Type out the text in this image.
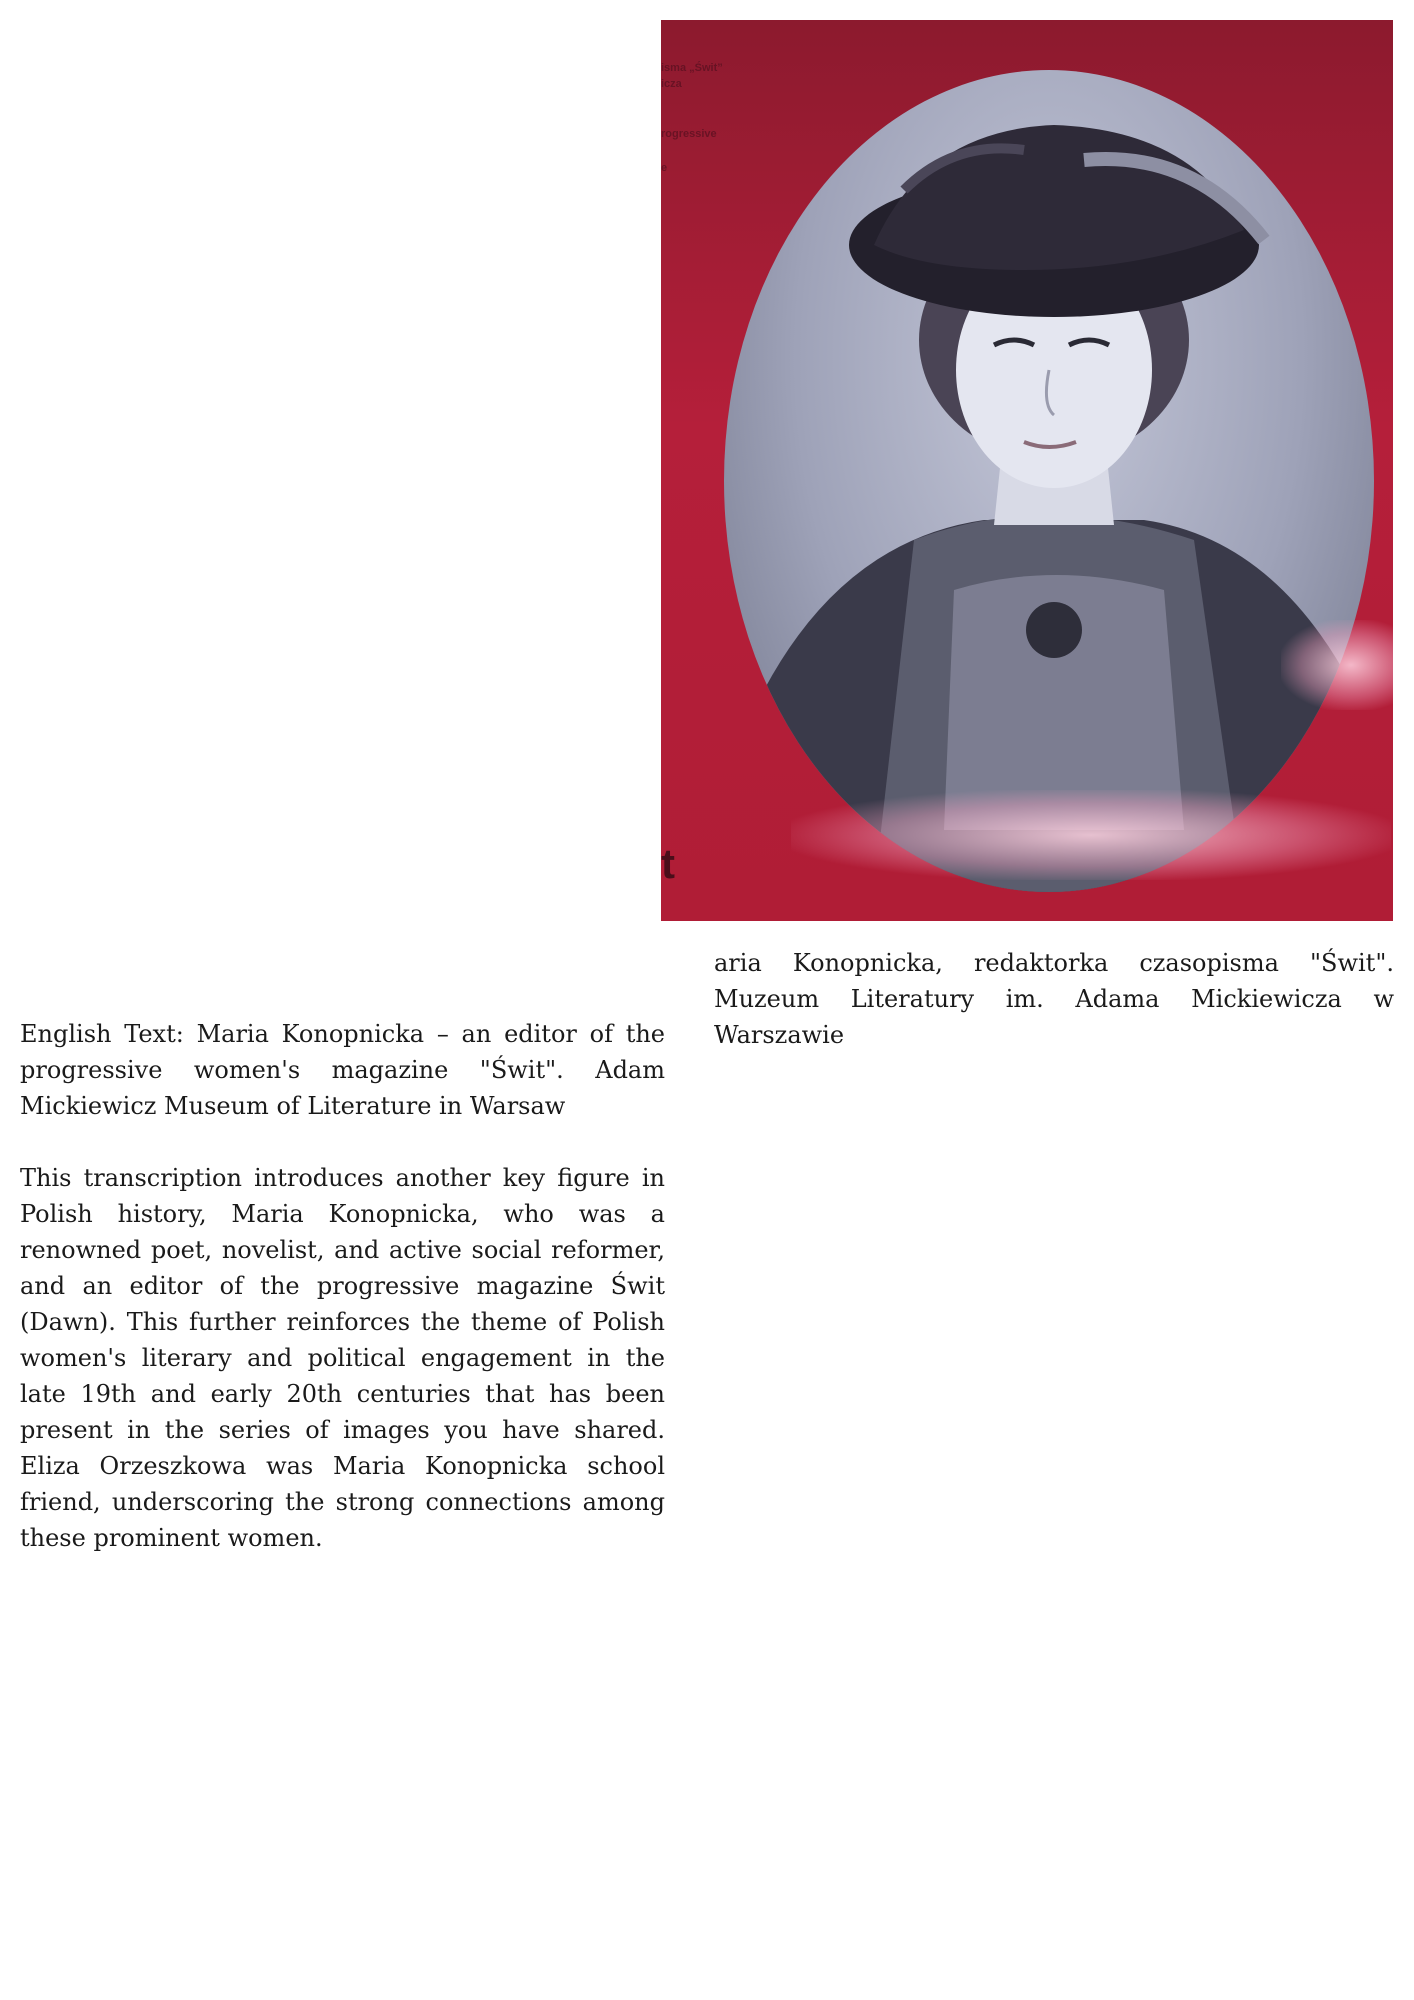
isma „Świt”
icza
rogressive
e
t
aria Konopnicka, redaktorka czasopisma "Świt". Muzeum Literatury im. Adama Mickiewicza w Warszawie

English Text: Maria Konopnicka – an editor of the progressive women's magazine "Świt". Adam Mickiewicz Museum of Literature in Warsaw

This transcription introduces another key figure in Polish history, Maria Konopnicka, who was a renowned poet, novelist, and active social reformer, and an editor of the progressive magazine Świt (Dawn). This further reinforces the theme of Polish women's literary and political engagement in the late 19th and early 20th centuries that has been present in the series of images you have shared. Eliza Orzeszkowa was Maria Konopnicka school friend, underscoring the strong connections among these prominent women.
